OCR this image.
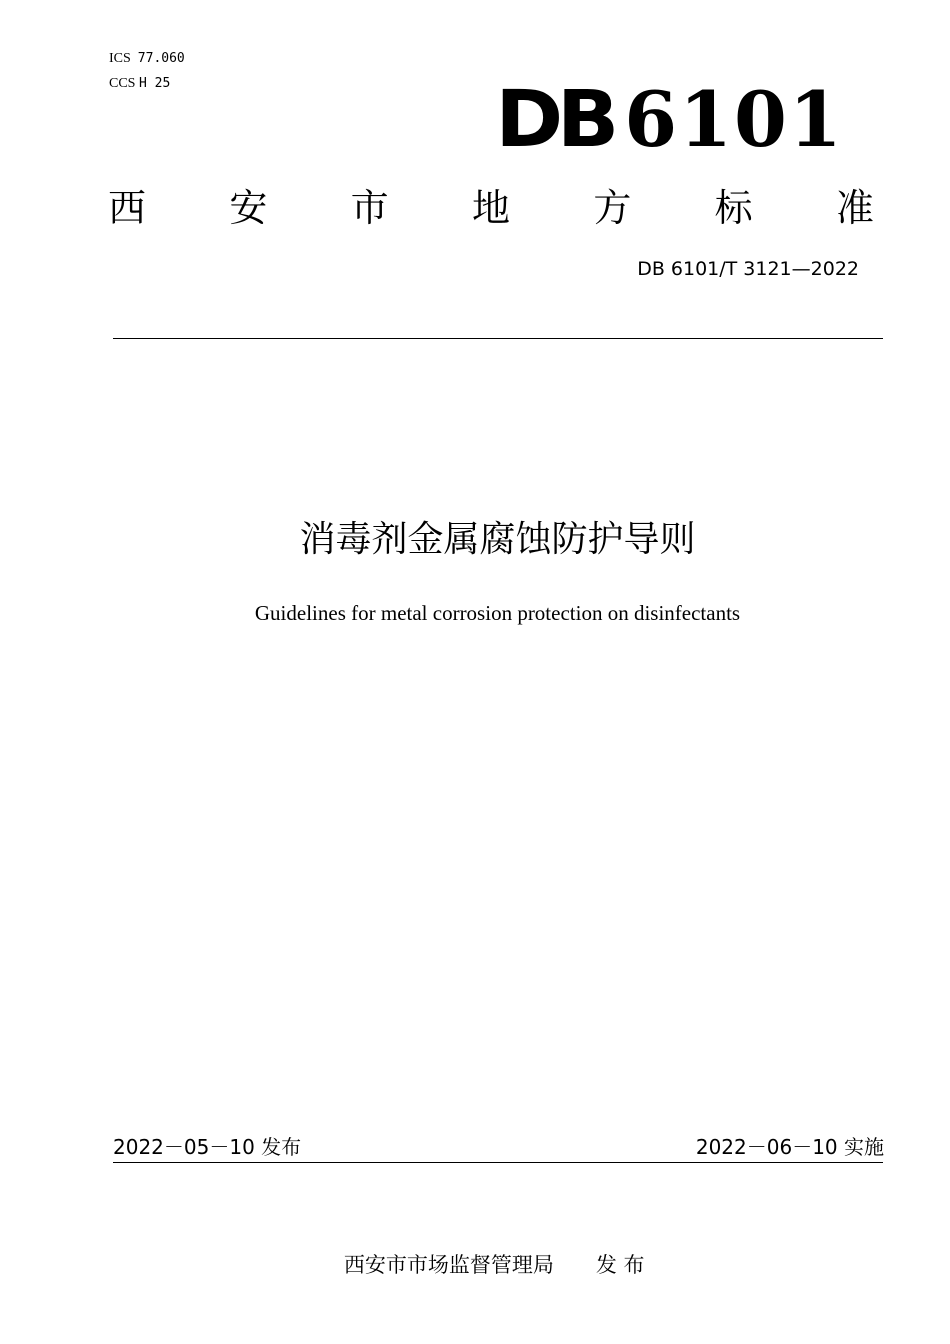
ICS 77.060
CCS H 25	DB 6101
西 安 市 地 方 标 准
DB 6101/T 3121—2022
消毒剂金属腐蚀防护导则
Guidelines for metal corrosion protection on disinfectants
2022－05－10 发布	2022－06－10 实施

西安市市场监督管理局 发 布
